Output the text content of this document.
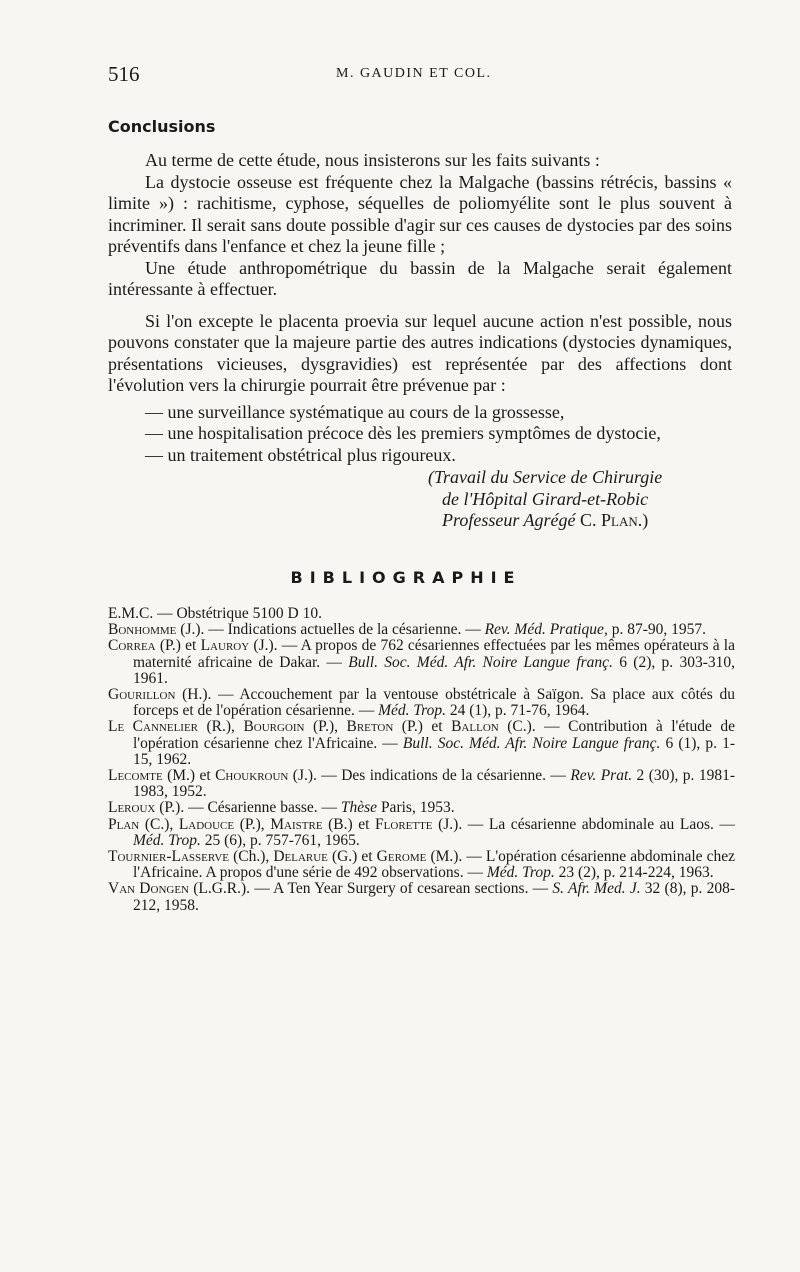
516	M. GAUDIN ET COL.
Conclusions

Au terme de cette étude, nous insisterons sur les faits suivants :

La dystocie osseuse est fréquente chez la Malgache (bassins rétrécis, bassins « limite ») : rachitisme, cyphose, séquelles de poliomyélite sont le plus souvent à incriminer. Il serait sans doute possible d'agir sur ces causes de dystocies par des soins préventifs dans l'enfance et chez la jeune fille ;

Une étude anthropométrique du bassin de la Malgache serait également intéressante à effectuer.

Si l'on excepte le placenta proevia sur lequel aucune action n'est possible, nous pouvons constater que la majeure partie des autres indications (dystocies dynamiques, présentations vicieuses, dysgravidies) est représentée par des affections dont l'évolution vers la chirurgie pourrait être prévenue par :

— une surveillance systématique au cours de la grossesse,
— une hospitalisation précoce dès les premiers symptômes de dystocie,
— un traitement obstétrical plus rigoureux.
(Travail du Service de Chirurgie
de l'Hôpital Girard-et-Robic
Professeur Agrégé C. Plan.)
BIBLIOGRAPHIE
E.M.C. — Obstétrique 5100 D 10.
Bonhomme (J.). — Indications actuelles de la césarienne. — Rev. Méd. Pratique, p. 87-90, 1957.
Correa (P.) et Lauroy (J.). — A propos de 762 césariennes effectuées par les mêmes opérateurs à la maternité africaine de Dakar. — Bull. Soc. Méd. Afr. Noire Langue franç. 6 (2), p. 303-310, 1961.
Gourillon (H.). — Accouchement par la ventouse obstétricale à Saïgon. Sa place aux côtés du forceps et de l'opération césarienne. — Méd. Trop. 24 (1), p. 71-76, 1964.
Le Cannelier (R.), Bourgoin (P.), Breton (P.) et Ballon (C.). — Contribution à l'étude de l'opération césarienne chez l'Africaine. — Bull. Soc. Méd. Afr. Noire Langue franç. 6 (1), p. 1-15, 1962.
Lecomte (M.) et Choukroun (J.). — Des indications de la césarienne. — Rev. Prat. 2 (30), p. 1981-1983, 1952.
Leroux (P.). — Césarienne basse. — Thèse Paris, 1953.
Plan (C.), Ladouce (P.), Maistre (B.) et Florette (J.). — La césarienne abdominale au Laos. — Méd. Trop. 25 (6), p. 757-761, 1965.
Tournier-Lasserve (Ch.), Delarue (G.) et Gerome (M.). — L'opération césarienne abdominale chez l'Africaine. A propos d'une série de 492 observations. — Méd. Trop. 23 (2), p. 214-224, 1963.
Van Dongen (L.G.R.). — A Ten Year Surgery of cesarean sections. — S. Afr. Med. J. 32 (8), p. 208-212, 1958.
